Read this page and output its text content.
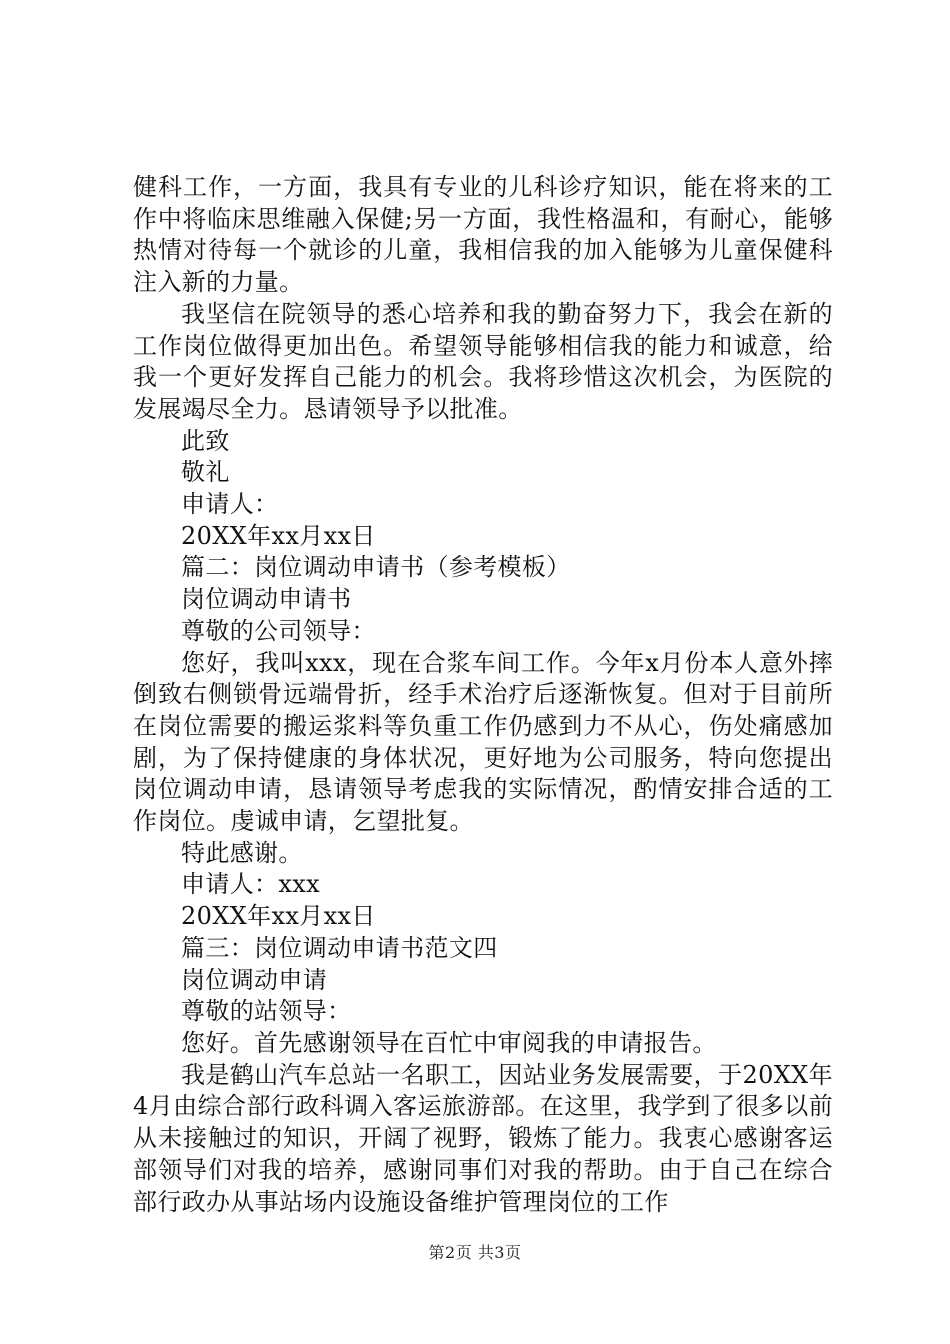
健科工作，一方面，我具有专业的儿科诊疗知识，能在将来的工作中将临床思维融入保健;另一方面，我性格温和，有耐心，能够热情对待每一个就诊的儿童，我相信我的加入能够为儿童保健科注入新的力量。

我坚信在院领导的悉心培养和我的勤奋努力下，我会在新的工作岗位做得更加出色。希望领导能够相信我的能力和诚意，给我一个更好发挥自己能力的机会。我将珍惜这次机会，为医院的发展竭尽全力。恳请领导予以批准。

此致

敬礼

申请人：

20XX年xx月xx日

篇二：岗位调动申请书（参考模板）

岗位调动申请书

尊敬的公司领导：

您好，我叫xxx，现在合浆车间工作。今年x月份本人意外摔倒致右侧锁骨远端骨折，经手术治疗后逐渐恢复。但对于目前所在岗位需要的搬运浆料等负重工作仍感到力不从心，伤处痛感加剧，为了保持健康的身体状况，更好地为公司服务，特向您提出岗位调动申请，恳请领导考虑我的实际情况，酌情安排合适的工作岗位。虔诚申请，乞望批复。

特此感谢。

申请人：xxx

20XX年xx月xx日

篇三：岗位调动申请书范文四

岗位调动申请

尊敬的站领导：

您好。首先感谢领导在百忙中审阅我的申请报告。

我是鹤山汽车总站一名职工，因站业务发展需要，于20XX年4月由综合部行政科调入客运旅游部。在这里，我学到了很多以前从未接触过的知识，开阔了视野，锻炼了能力。我衷心感谢客运部领导们对我的培养，感谢同事们对我的帮助。由于自己在综合部行政办从事站场内设施设备维护管理岗位的工作

第2页 共3页
